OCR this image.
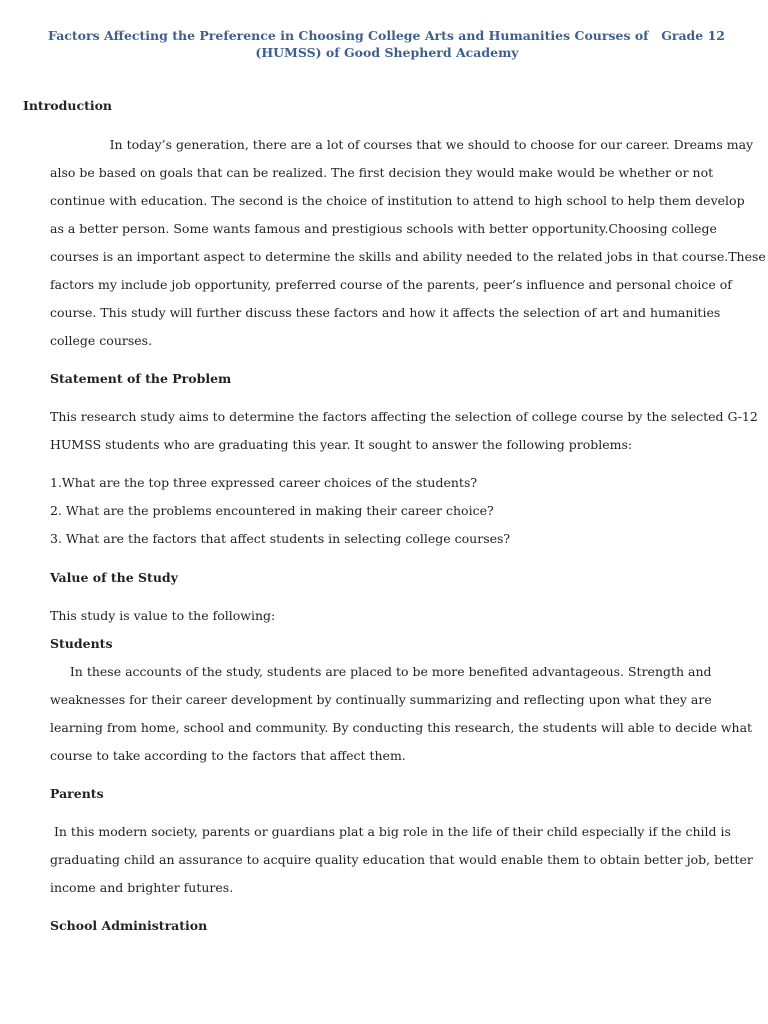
Factors Affecting the Preference in Choosing College Arts and Humanities Courses of Grade 12
(HUMSS) of Good Shepherd Academy
Introduction
In today’s generation, there are a lot of courses that we should to choose for our career. Dreams may
also be based on goals that can be realized. The first decision they would make would be whether or not
continue with education. The second is the choice of institution to attend to high school to help them develop
as a better person. Some wants famous and prestigious schools with better opportunity.Choosing college
courses is an important aspect to determine the skills and ability needed to the related jobs in that course.These
factors my include job opportunity, preferred course of the parents, peer’s influence and personal choice of
course. This study will further discuss these factors and how it affects the selection of art and humanities
college courses.
Statement of the Problem
This research study aims to determine the factors affecting the selection of college course by the selected G-12
HUMSS students who are graduating this year. It sought to answer the following problems:
1.What are the top three expressed career choices of the students?
2. What are the problems encountered in making their career choice?
3. What are the factors that affect students in selecting college courses?
Value of the Study
This study is value to the following:
Students
In these accounts of the study, students are placed to be more benefited advantageous. Strength and
weaknesses for their career development by continually summarizing and reflecting upon what they are
learning from home, school and community. By conducting this research, the students will able to decide what
course to take according to the factors that affect them.
Parents
In this modern society, parents or guardians plat a big role in the life of their child especially if the child is
graduating child an assurance to acquire quality education that would enable them to obtain better job, better
income and brighter futures.
School Administration
